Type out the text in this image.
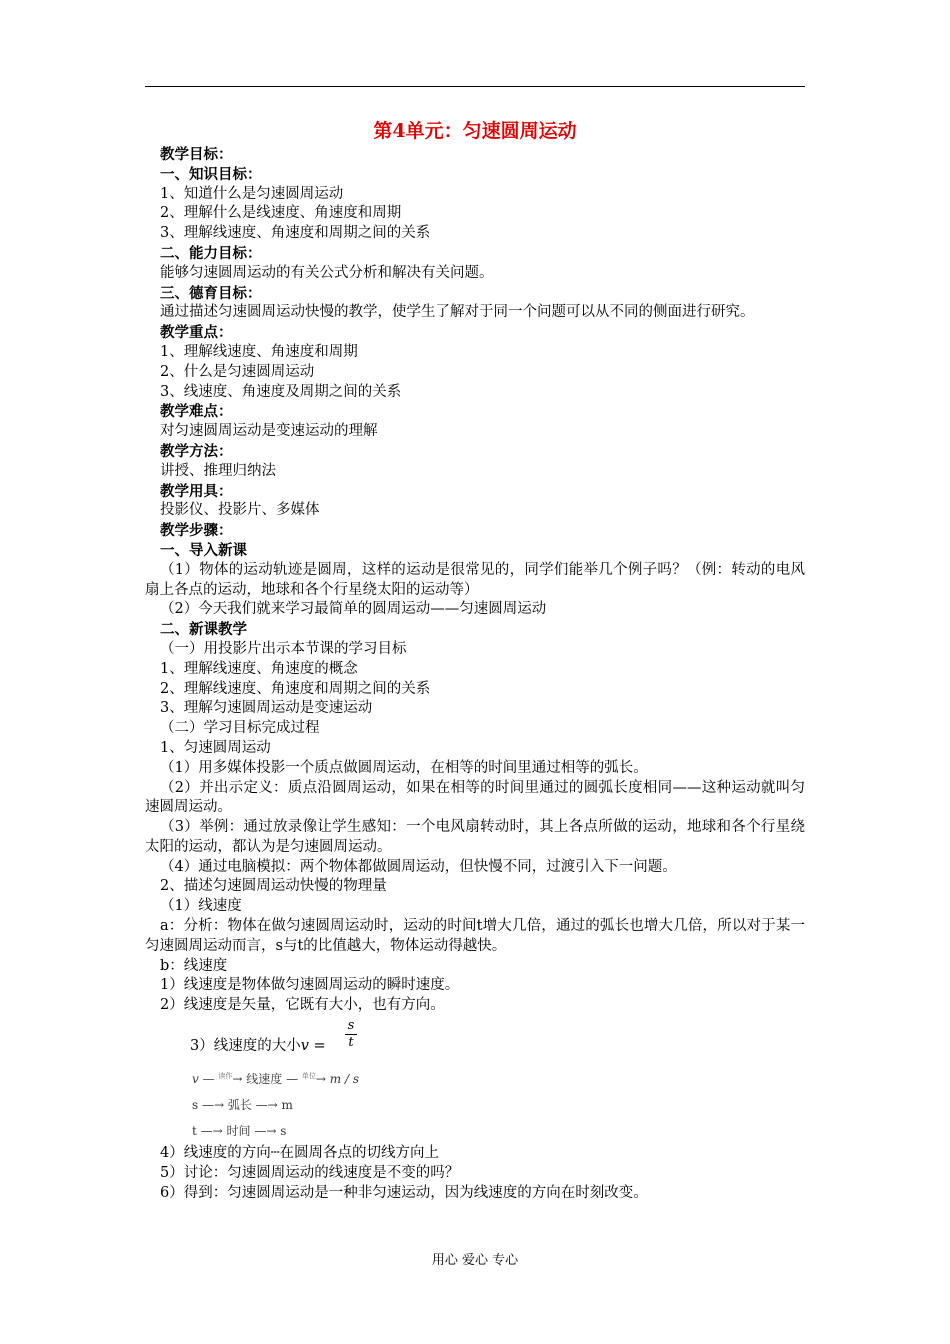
第4单元：匀速圆周运动
教学目标：
一、知识目标：
1、知道什么是匀速圆周运动
2、理解什么是线速度、角速度和周期
3、理解线速度、角速度和周期之间的关系
二、能力目标：
能够匀速圆周运动的有关公式分析和解决有关问题。
三、德育目标：
通过描述匀速圆周运动快慢的教学，使学生了解对于同一个问题可以从不同的侧面进行研究。
教学重点：
1、理解线速度、角速度和周期
2、什么是匀速圆周运动
3、线速度、角速度及周期之间的关系
教学难点：
对匀速圆周运动是变速运动的理解
教学方法：
讲授、推理归纳法
教学用具：
投影仪、投影片、多媒体
教学步骤：
一、导入新课
（1）物体的运动轨迹是圆周，这样的运动是很常见的，同学们能举几个例子吗？（例：转动的电风扇上各点的运动，地球和各个行星绕太阳的运动等）
（2）今天我们就来学习最简单的圆周运动——匀速圆周运动
二、新课教学
（一）用投影片出示本节课的学习目标
1、理解线速度、角速度的概念
2、理解线速度、角速度和周期之间的关系
3、理解匀速圆周运动是变速运动
（二）学习目标完成过程
1、匀速圆周运动
（1）用多媒体投影一个质点做圆周运动，在相等的时间里通过相等的弧长。
（2）并出示定义：质点沿圆周运动，如果在相等的时间里通过的圆弧长度相同——这种运动就叫匀速圆周运动。
（3）举例：通过放录像让学生感知：一个电风扇转动时，其上各点所做的运动，地球和各个行星绕太阳的运动，都认为是匀速圆周运动。
（4）通过电脑模拟：两个物体都做圆周运动，但快慢不同，过渡引入下一问题。
2、描述匀速圆周运动快慢的物理量
（1）线速度
a：分析：物体在做匀速圆周运动时，运动的时间t增大几倍，通过的弧长也增大几倍，所以对于某一匀速圆周运动而言，s与t的比值越大，物体运动得越快。
b：线速度
1）线速度是物体做匀速圆周运动的瞬时速度。
2）线速度是矢量，它既有大小，也有方向。
3）线速度的大小$v = \frac{s}{t}$
v — $^{读作}$→ 线速度 — $^{单位}$→ m / s
s —→ 弧长 —→ m
t —→ 时间 —→ s
4）线速度的方向┄在圆周各点的切线方向上
5）讨论：匀速圆周运动的线速度是不变的吗？
6）得到：匀速圆周运动是一种非匀速运动，因为线速度的方向在时刻改变。
用心 爱心 专心
